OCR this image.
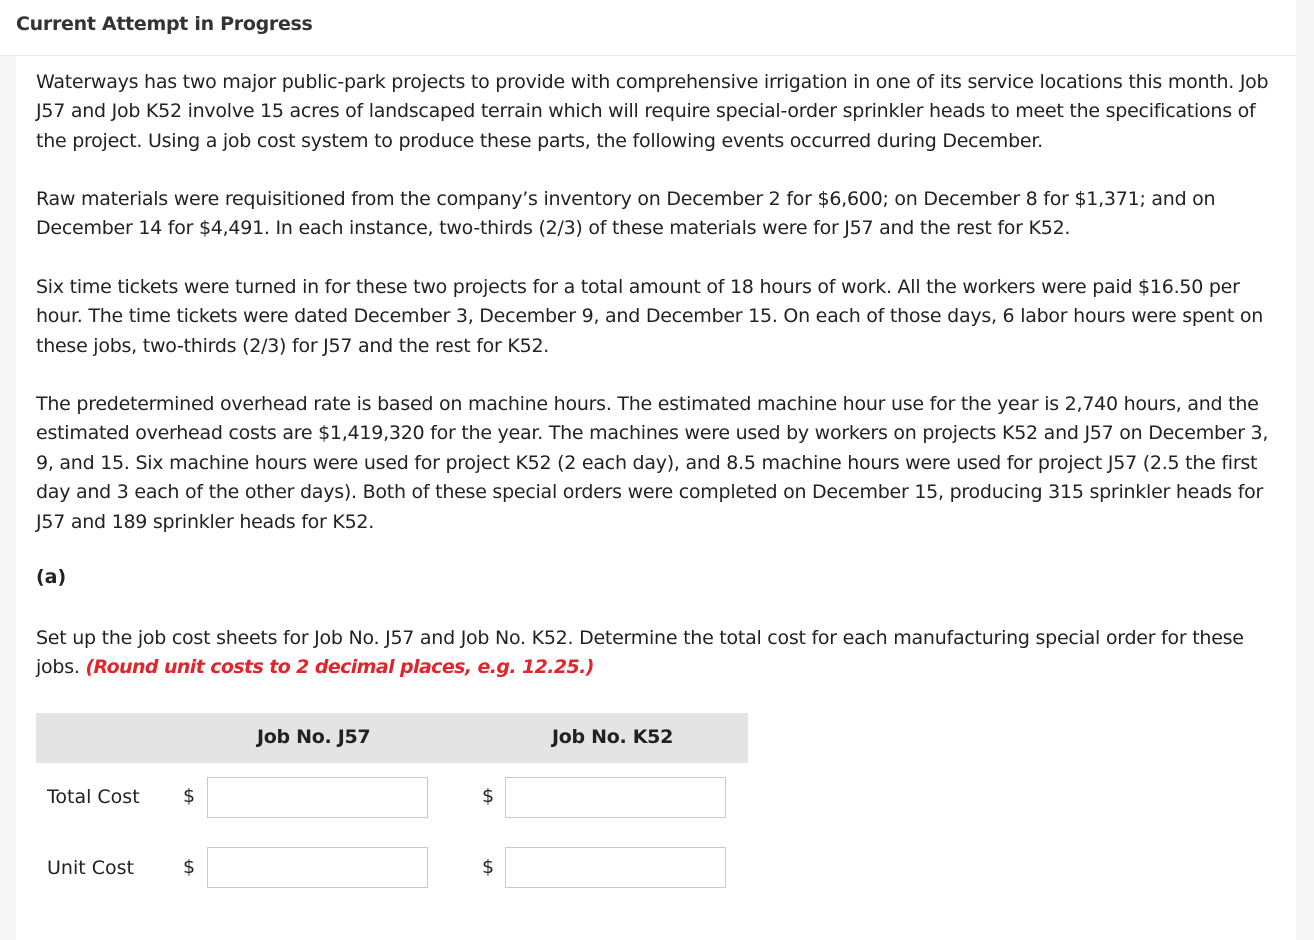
Current Attempt in Progress
Waterways has two major public-park projects to provide with comprehensive irrigation in one of its service locations this month. Job J57 and Job K52 involve 15 acres of landscaped terrain which will require special-order sprinkler heads to meet the specifications of the project. Using a job cost system to produce these parts, the following events occurred during December.
Raw materials were requisitioned from the company’s inventory on December 2 for $6,600; on December 8 for $1,371; and on December 14 for $4,491. In each instance, two-thirds (2/3) of these materials were for J57 and the rest for K52.
Six time tickets were turned in for these two projects for a total amount of 18 hours of work. All the workers were paid $16.50 per hour. The time tickets were dated December 3, December 9, and December 15. On each of those days, 6 labor hours were spent on these jobs, two-thirds (2/3) for J57 and the rest for K52.
The predetermined overhead rate is based on machine hours. The estimated machine hour use for the year is 2,740 hours, and the estimated overhead costs are $1,419,320 for the year. The machines were used by workers on projects K52 and J57 on December 3, 9, and 15. Six machine hours were used for project K52 (2 each day), and 8.5 machine hours were used for project J57 (2.5 the first day and 3 each of the other days). Both of these special orders were completed on December 15, producing 315 sprinkler heads for J57 and 189 sprinkler heads for K52.
(a)
Set up the job cost sheets for Job No. J57 and Job No. K52. Determine the total cost for each manufacturing special order for these jobs. (Round unit costs to 2 decimal places, e.g. 12.25.)
Job No. J57	Job No. K52
Total Cost $	$
Unit Cost	$	$
